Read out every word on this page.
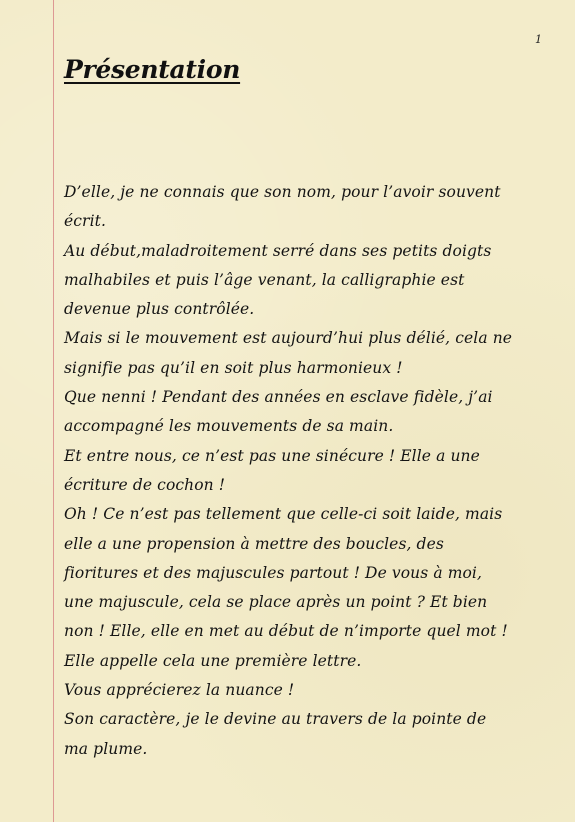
1
Présentation
D’elle, je ne connais que son nom, pour l’avoir souvent écrit.
Au début,maladroitement serré dans ses petits doigts malhabiles et puis l’âge venant, la calligraphie est devenue plus contrôlée.
Mais si le mouvement est aujourd’hui plus délié, cela ne signifie pas qu’il en soit plus harmonieux !
Que nenni ! Pendant des années en esclave fidèle, j’ai accompagné les mouvements de sa main.
Et entre nous, ce n’est pas une sinécure ! Elle a une écriture de cochon !
Oh ! Ce n’est pas tellement que celle-ci soit laide, mais elle a une propension à mettre des boucles, des fioritures et des majuscules partout ! De vous à moi, une majuscule, cela se place après un point ? Et bien non ! Elle, elle en met au début de n’importe quel mot ! Elle appelle cela une première lettre.
Vous apprécierez la nuance !
Son caractère, je le devine au travers de la pointe de ma plume.
